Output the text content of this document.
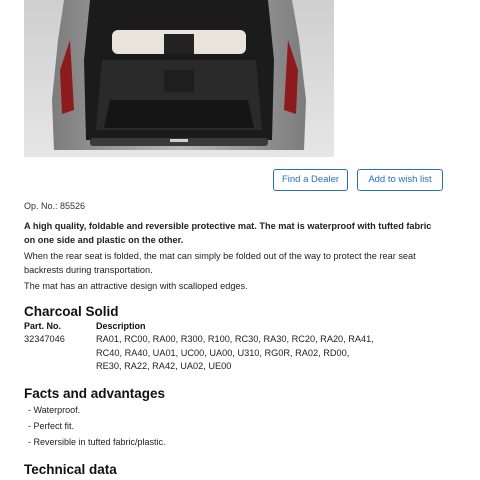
Find a Dealer	Add to wish list
Op. No.: 85526
A high quality, foldable and reversible protective mat. The mat is waterproof with tufted fabric on one side and plastic on the other.
When the rear seat is folded, the mat can simply be folded out of the way to protect the rear seat backrests during transportation.
The mat has an attractive design with scalloped edges.
Charcoal Solid
Part. No.	Description
32347046	RA01, RC00, RA00, R300, R100, RC30, RA30, RC20, RA20, RA41, RC40, RA40, UA01, UC00, UA00, U310, RG0R, RA02, RD00, RE30, RA22, RA42, UA02, UE00
Facts and advantages
- Waterproof.
- Perfect fit.
- Reversible in tufted fabric/plastic.
Technical data
